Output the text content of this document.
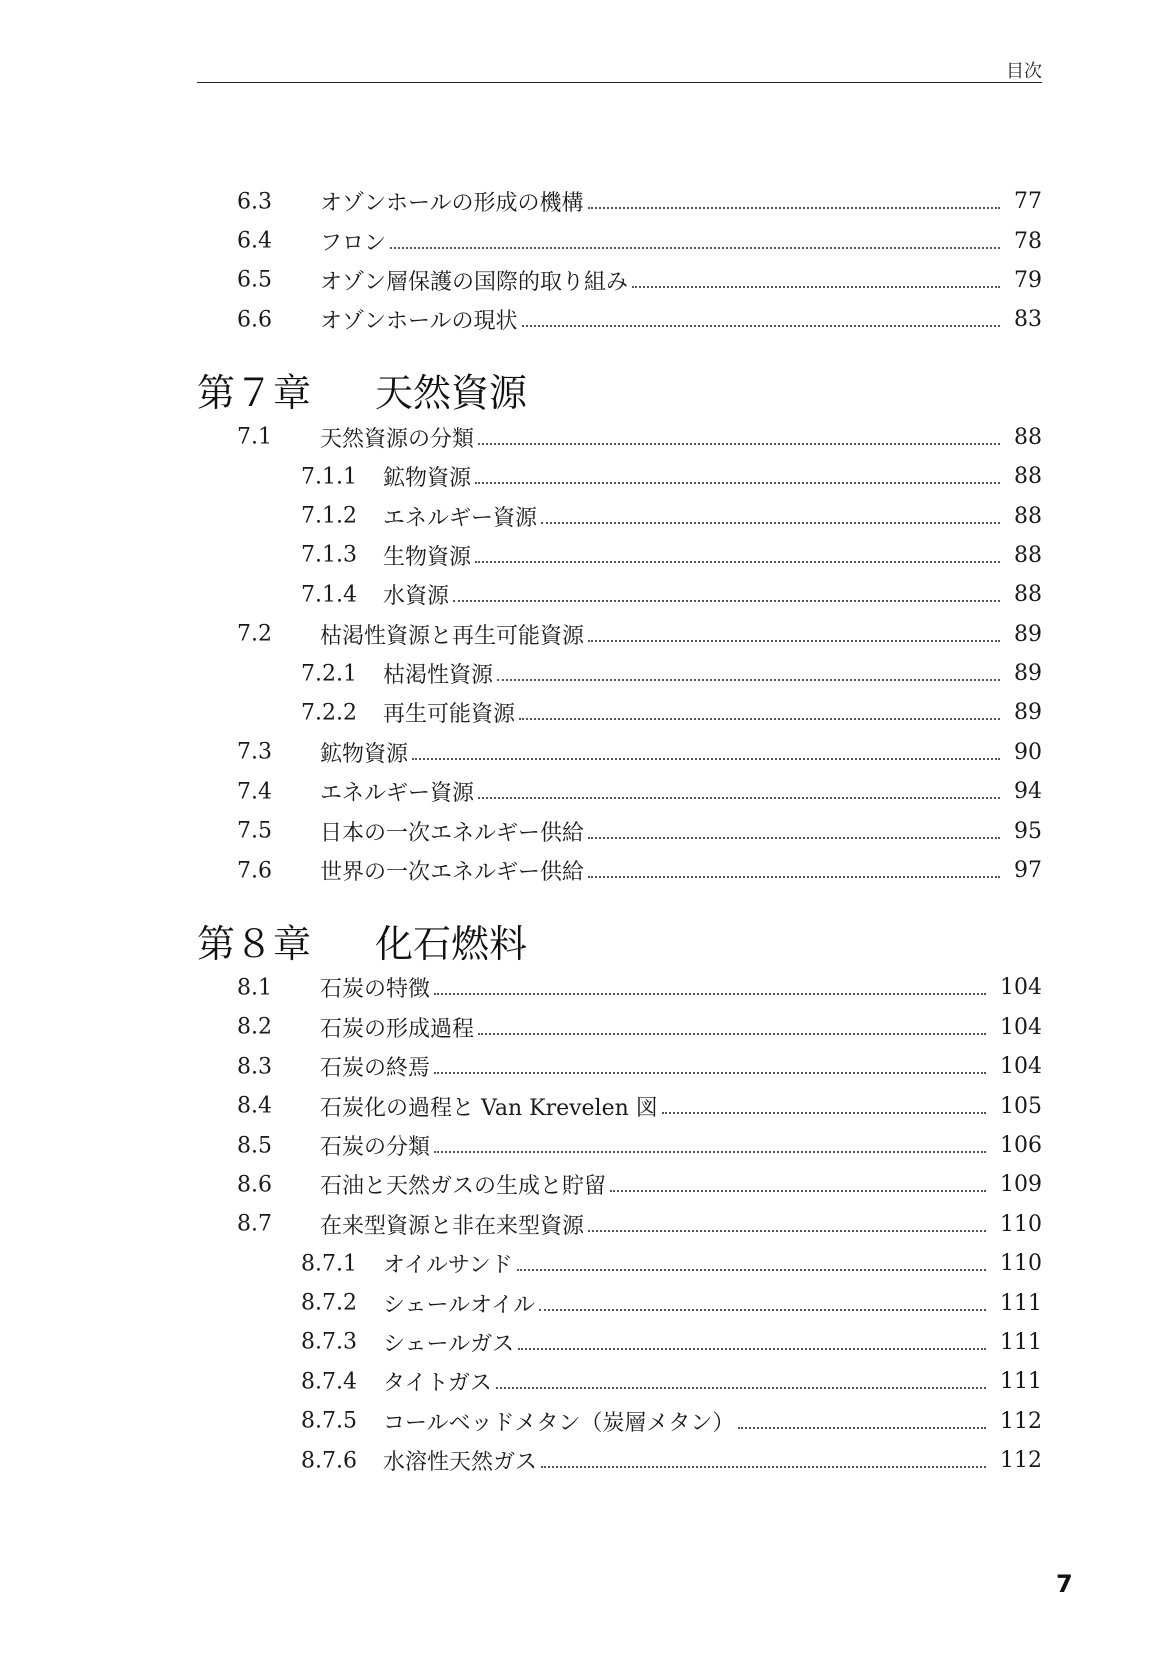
目次
6.3 オゾンホールの形成の機構	77
6.4 フロン	78
6.5 オゾン層保護の国際的取り組み	79
6.6 オゾンホールの現状	83
第７章 天然資源
7.1 天然資源の分類	88
7.1.1 鉱物資源	88
7.1.2 エネルギー資源	88
7.1.3 生物資源	88
7.1.4 水資源	88
7.2 枯渇性資源と再生可能資源	89
7.2.1 枯渇性資源	89
7.2.2 再生可能資源	89
7.3 鉱物資源	90
7.4 エネルギー資源	94
7.5 日本の一次エネルギー供給	95
7.6 世界の一次エネルギー供給	97
第８章 化石燃料
8.1 石炭の特徴	104
8.2 石炭の形成過程	104
8.3 石炭の終焉	104
8.4 石炭化の過程と Van Krevelen 図	105
8.5 石炭の分類	106
8.6 石油と天然ガスの生成と貯留	109
8.7 在来型資源と非在来型資源	110
8.7.1 オイルサンド	110
8.7.2 シェールオイル	111
8.7.3 シェールガス	111
8.7.4 タイトガス	111
8.7.5 コールベッドメタン（炭層メタン）	112
8.7.6 水溶性天然ガス	112
7
